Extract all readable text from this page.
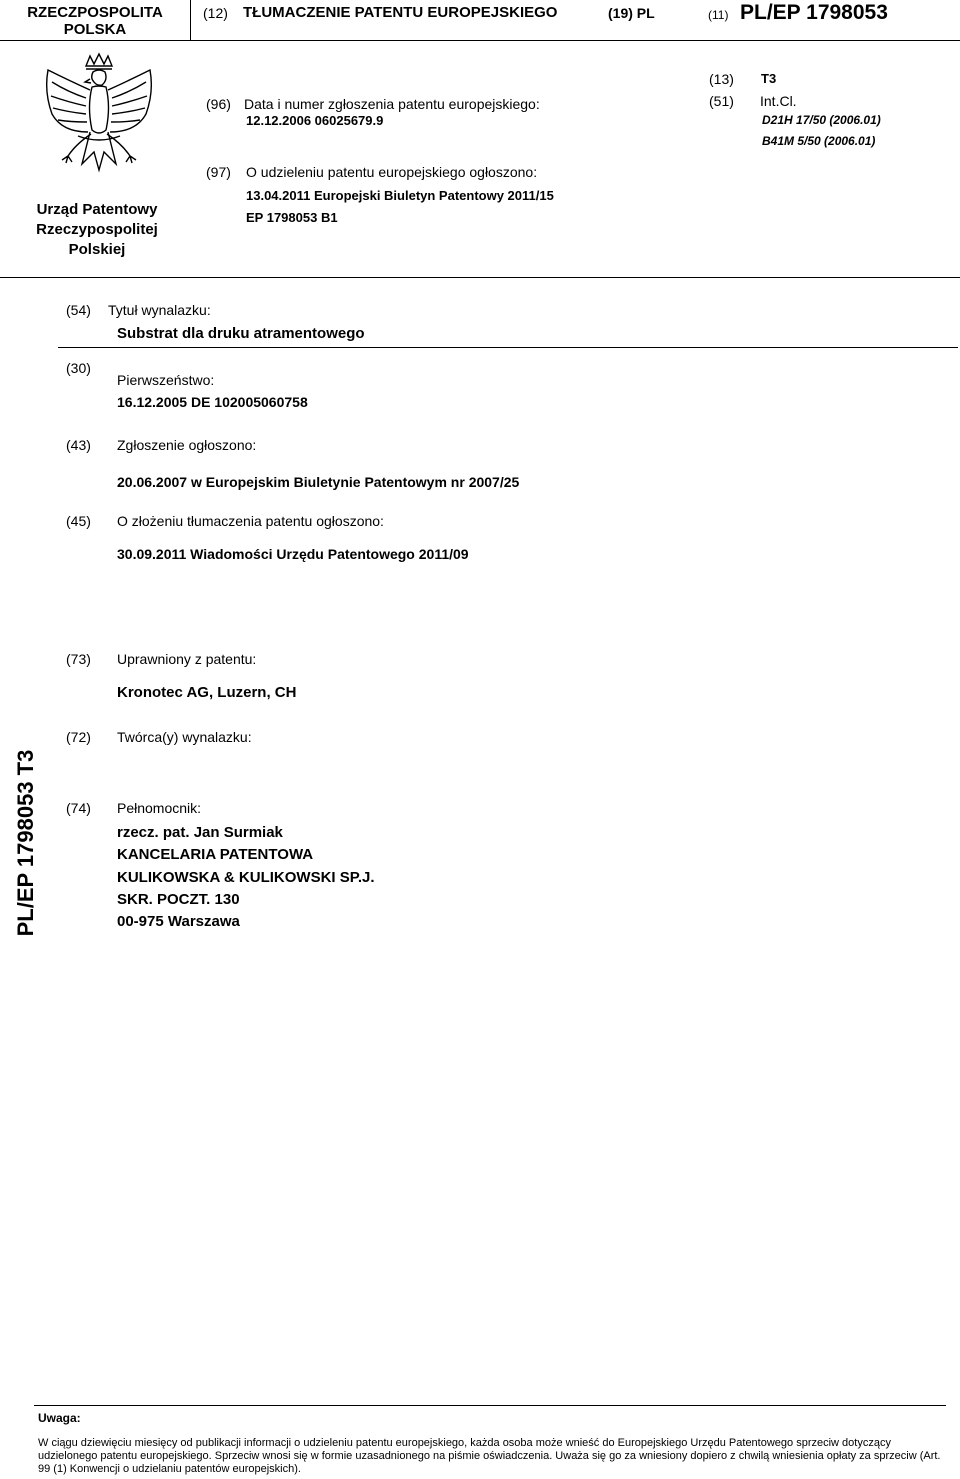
RZECZPOSPOLITA
POLSKA
(12) TŁUMACZENIE PATENTU EUROPEJSKIEGO	(19) PL	(11) PL/EP 1798053
Urząd Patentowy
Rzeczypospolitej
Polskiej
(96) Data i numer zgłoszenia patentu europejskiego:
12.12.2006 06025679.9
(97) O udzieleniu patentu europejskiego ogłoszono:
13.04.2011 Europejski Biuletyn Patentowy 2011/15
EP 1798053 B1
(13) T3
(51) Int.Cl.
D21H 17/50 (2006.01)
B41M 5/50 (2006.01)
(54) Tytuł wynalazku:
Substrat dla druku atramentowego
(30)
Pierwszeństwo:
16.12.2005 DE 102005060758
(43) Zgłoszenie ogłoszono:
20.06.2007 w Europejskim Biuletynie Patentowym nr 2007/25
(45) O złożeniu tłumaczenia patentu ogłoszono:
30.09.2011 Wiadomości Urzędu Patentowego 2011/09
(73) Uprawniony z patentu:
Kronotec AG, Luzern, CH
(72) Twórca(y) wynalazku:
(74) Pełnomocnik:
rzecz. pat. Jan Surmiak
KANCELARIA PATENTOWA
KULIKOWSKA & KULIKOWSKI SP.J.
SKR. POCZT. 130
00-975 Warszawa
PL/EP 1798053 T3
Uwaga:
W ciągu dziewięciu miesięcy od publikacji informacji o udzieleniu patentu europejskiego, każda osoba może wnieść do Europejskiego Urzędu Patentowego sprzeciw dotyczący udzielonego patentu europejskiego. Sprzeciw wnosi się w formie uzasadnionego na piśmie oświadczenia. Uważa się go za wniesiony dopiero z chwilą wniesienia opłaty za sprzeciw (Art. 99 (1) Konwencji o udzielaniu patentów europejskich).
